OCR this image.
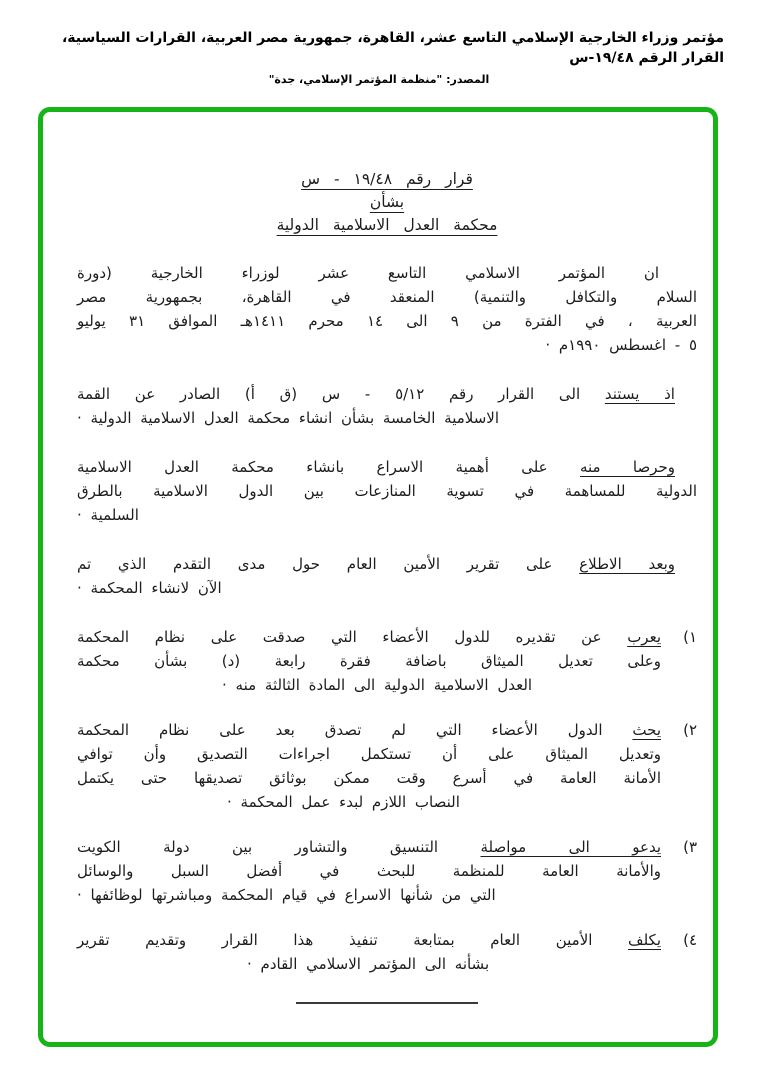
مؤتمر وزراء الخارجية الإسلامي التاسع عشر، القاهرة، جمهورية مصر العربية، القرارات السياسية، القرار الرقم ١٩/٤٨-س
المصدر: "منظمة المؤتمر الإسلامي، جدة"
قرار رقم ١٩/٤٨ - س
بشأن
محكمة العدل الاسلامية الدولية
ان المؤتمر الاسلامي التاسع عشر لوزراء الخارجية (دورة
السلام والتكافل والتنمية) المنعقد في القاهرة، بجمهورية مصر
العربية ، في الفترة من ٩ الى ١٤ محرم ١٤١١هـ الموافق ٣١ يوليو
٥ - اغسطس ١٩٩٠م ·
اذ يستند الى القرار رقم ٥/١٢ - س (ق أ) الصادر عن القمة
الاسلامية الخامسة بشأن انشاء محكمة العدل الاسلامية الدولية ·
وحرصا منه على أهمية الاسراع بانشاء محكمة العدل الاسلامية
الدولية للمساهمة في تسوية المنازعات بين الدول الاسلامية بالطرق
السلمية ·
وبعد الاطلاع على تقرير الأمين العام حول مدى التقدم الذي تم
الآن لانشاء المحكمة ·
(١
يعرب عن تقديره للدول الأعضاء التي صدقت على نظام المحكمة
وعلى تعديل الميثاق باضافة فقرة رابعة (د) بشأن محكمة
العدل الاسلامية الدولية الى المادة الثالثة منه ·
(٢
يحث الدول الأعضاء التي لم تصدق بعد على نظام المحكمة
وتعديل الميثاق على أن تستكمل اجراءات التصديق وأن توافي
الأمانة العامة في أسرع وقت ممكن بوثائق تصديقها حتى يكتمل
النصاب اللازم لبدء عمل المحكمة ·
(٣
يدعو الى مواصلة التنسيق والتشاور بين دولة الكويت
والأمانة العامة للمنظمة للبحث في أفضل السبل والوسائل
التي من شأنها الاسراع في قيام المحكمة ومباشرتها لوظائفها ·
(٤
يكلف الأمين العام بمتابعة تنفيذ هذا القرار وتقديم تقرير
بشأنه الى المؤتمر الاسلامي القادم ·
